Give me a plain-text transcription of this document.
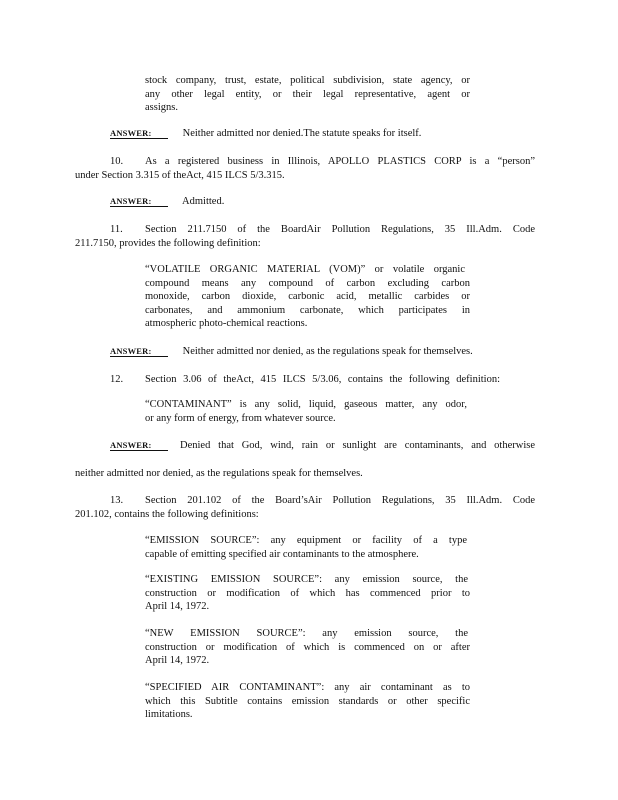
stock company, trust, estate, political subdivision, state agency, or
any other legal entity, or their legal representative, agent or
assigns.
ANSWER:	Neither admitted nor denied.The statute speaks for itself.
10. As a registered business in Illinois, APOLLO PLASTICS CORP is a “person”
under Section 3.315 of theAct, 415 ILCS 5/3.315.
ANSWER:	Admitted.
11. Section 211.7150 of the BoardAir Pollution Regulations, 35 Ill.Adm. Code
211.7150, provides the following definition:
“VOLATILE ORGANIC MATERIAL (VOM)” or volatile organic
compound means any compound of carbon excluding carbon
monoxide, carbon dioxide, carbonic acid, metallic carbides or
carbonates, and ammonium carbonate, which participates in
atmospheric photo-chemical reactions.
ANSWER:	Neither admitted nor denied, as the regulations speak for themselves.
12. Section 3.06 of theAct, 415 ILCS 5/3.06, contains the following definition:
“CONTAMINANT” is any solid, liquid, gaseous matter, any odor,
or any form of energy, from whatever source.
ANSWER:	Denied that God, wind, rain or sunlight are contaminants, and otherwise
neither admitted nor denied, as the regulations speak for themselves.
13. Section 201.102 of the Board’sAir Pollution Regulations, 35 Ill.Adm. Code
201.102, contains the following definitions:
“EMISSION SOURCE”: any equipment or facility of a type
capable of emitting specified air contaminants to the atmosphere.
“EXISTING EMISSION SOURCE”: any emission source, the
construction or modification of which has commenced prior to
April 14, 1972.
“NEW EMISSION SOURCE”: any emission source, the
construction or modification of which is commenced on or after
April 14, 1972.
“SPECIFIED AIR CONTAMINANT”: any air contaminant as to
which this Subtitle contains emission standards or other specific
limitations.
